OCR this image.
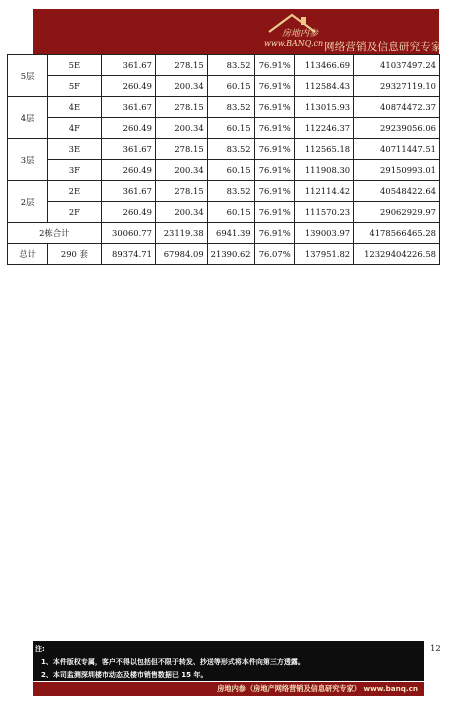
房地内参
www.BANQ.cn 网络营销及信息研究专家
5层	5E	361.67	278.15	83.52	76.91%	113466.69	41037497.24
	5F	260.49	200.34	60.15	76.91%	112584.43	29327119.10
4层	4E	361.67	278.15	83.52	76.91%	113015.93	40874472.37
	4F	260.49	200.34	60.15	76.91%	112246.37	29239056.06
3层	3E	361.67	278.15	83.52	76.91%	112565.18	40711447.51
	3F	260.49	200.34	60.15	76.91%	111908.30	29150993.01
2层	2E	361.67	278.15	83.52	76.91%	112114.42	40548422.64
	2F	260.49	200.34	60.15	76.91%	111570.23	29062929.97
2栋合计		30060.77	23119.38	6941.39	76.91%	139003.97	4178566465.28
总计	290 套	89374.71	67984.09	21390.62	76.07%	137951.82	12329404226.58
注:
1、本件版权专属，客户不得以包括但不限于转发、抄送等形式将本件向第三方透露。
2、本司监测深圳楼市动态及楼市销售数据已 15 年。
12
房地内参（房地产网络营销及信息研究专家） www.banq.cn
